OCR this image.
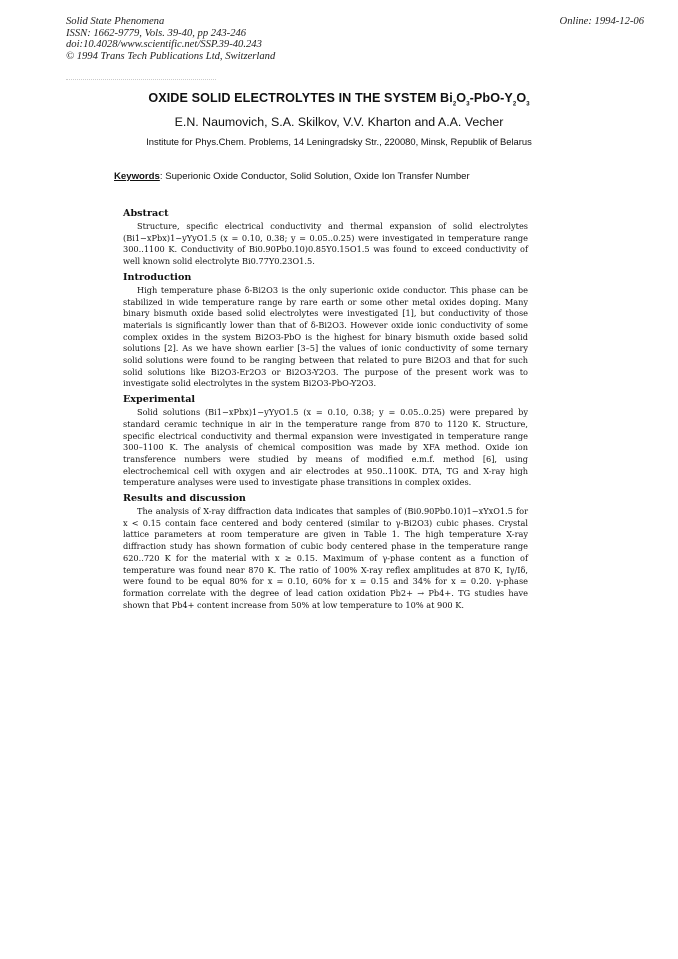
Solid State Phenomena
ISSN: 1662-9779, Vols. 39-40, pp 243-246
doi:10.4028/www.scientific.net/SSP.39-40.243
© 1994 Trans Tech Publications Ltd, Switzerland
Online: 1994-12-06
OXIDE SOLID ELECTROLYTES IN THE SYSTEM $Bi_2O_3-PbO-Y_2O_3$
E.N. Naumovich, S.A. Skilkov, V.V. Kharton and A.A. Vecher
Institute for Phys.Chem. Problems, 14 Leningradsky Str., 220080, Minsk, Republik of Belarus
Keywords: Superionic Oxide Conductor, Solid Solution, Oxide Ion Transfer Number
Abstract

Structure, specific electrical conductivity and thermal expansion of solid electrolytes (Bi1−xPbx)1−yYyO1.5 (x = 0.10, 0.38; y = 0.05..0.25) were investigated in temperature range 300..1100 K. Conductivity of Bi0.90Pb0.10)0.85Y0.15O1.5 was found to exceed conductivity of well known solid electrolyte Bi0.77Y0.23O1.5.

Introduction

High temperature phase δ-Bi2O3 is the only superionic oxide conductor. This phase can be stabilized in wide temperature range by rare earth or some other metal oxides doping. Many binary bismuth oxide based solid electrolytes were investigated [1], but conductivity of those materials is significantly lower than that of δ-Bi2O3. However oxide ionic conductivity of some complex oxides in the system Bi2O3-PbO is the highest for binary bismuth oxide based solid solutions [2]. As we have shown earlier [3–5] the values of ionic conductivity of some ternary solid solutions were found to be ranging between that related to pure Bi2O3 and that for such solid solutions like Bi2O3-Er2O3 or Bi2O3-Y2O3. The purpose of the present work was to investigate solid electrolytes in the system Bi2O3-PbO-Y2O3.

Experimental

Solid solutions (Bi1−xPbx)1−yYyO1.5 (x = 0.10, 0.38; y = 0.05..0.25) were prepared by standard ceramic technique in air in the temperature range from 870 to 1120 K. Structure, specific electrical conductivity and thermal expansion were investigated in temperature range 300–1100 K. The analysis of chemical composition was made by XFA method. Oxide ion transference numbers were studied by means of modified e.m.f. method [6], using electrochemical cell with oxygen and air electrodes at 950..1100K. DTA, TG and X-ray high temperature analyses were used to investigate phase transitions in complex oxides.

Results and discussion

The analysis of X-ray diffraction data indicates that samples of (Bi0.90Pb0.10)1−xYxO1.5 for x < 0.15 contain face centered and body centered (similar to γ-Bi2O3) cubic phases. Crystal lattice parameters at room temperature are given in Table 1. The high temperature X-ray diffraction study has shown formation of cubic body centered phase in the temperature range 620..720 K for the material with x ≥ 0.15. Maximum of γ-phase content as a function of temperature was found near 870 K. The ratio of 100% X-ray reflex amplitudes at 870 K, Iγ/Iδ, were found to be equal 80% for x = 0.10, 60% for x = 0.15 and 34% for x = 0.20. γ-phase formation correlate with the degree of lead cation oxidation Pb2+ → Pb4+. TG studies have shown that Pb4+ content increase from 50% at low temperature to 10% at 900 K.
